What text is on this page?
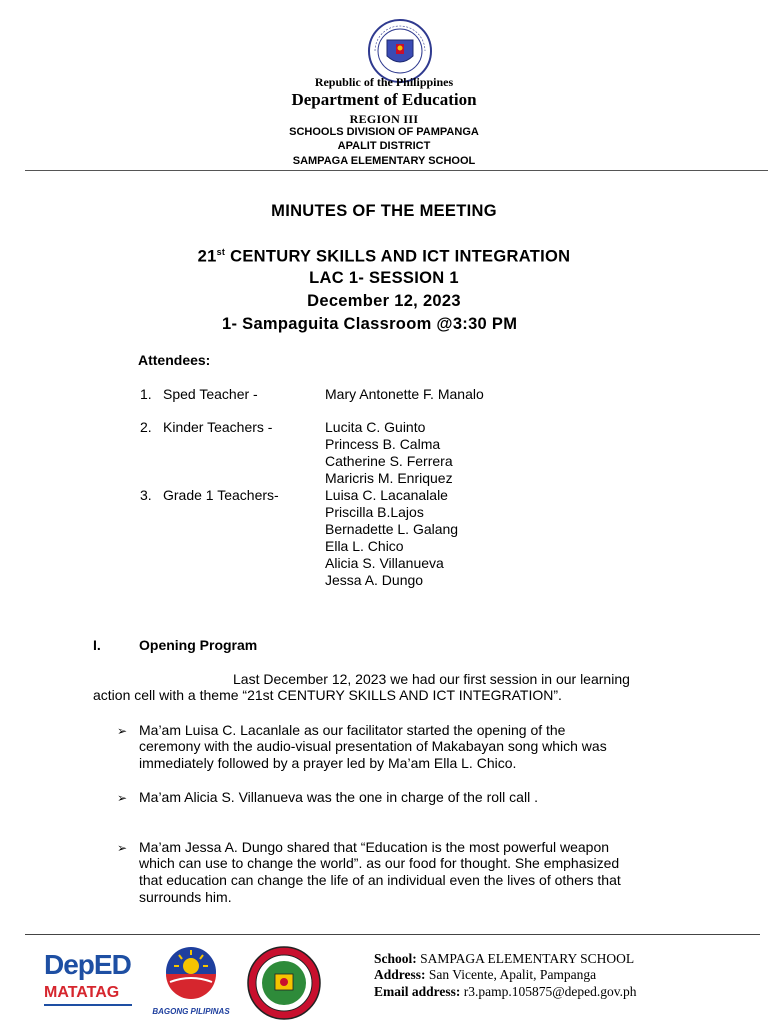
Republic of the Philippines
Department of Education
REGION III
SCHOOLS DIVISION OF PAMPANGA
APALIT DISTRICT
SAMPAGA ELEMENTARY SCHOOL
MINUTES OF THE MEETING
21st CENTURY SKILLS AND ICT INTEGRATION
LAC 1- SESSION 1
December 12, 2023
1- Sampaguita Classroom @3:30 PM
Attendees:
1. Sped Teacher -	Mary Antonette F. Manalo
2. Kinder Teachers -	Lucita C. Guinto
Princess B. Calma
Catherine S. Ferrera
Maricris M. Enriquez
3. Grade 1 Teachers-	Luisa C. Lacanalale
Priscilla B.Lajos
Bernadette L. Galang
Ella L. Chico
Alicia S. Villanueva
Jessa A. Dungo
I.	Opening Program
Last December 12, 2023 we had our first session in our learning
action cell with a theme “21st CENTURY SKILLS AND ICT INTEGRATION”.
➢ Ma’am Luisa C. Lacanlale as our facilitator started the opening of the
ceremony with the audio-visual presentation of Makabayan song which was
immediately followed by a prayer led by Ma’am Ella L. Chico.
➢ Ma’am Alicia S. Villanueva was the one in charge of the roll call .
➢ Ma’am Jessa A. Dungo shared that “Education is the most powerful weapon
which can use to change the world”. as our food for thought. She emphasized
that education can change the life of an individual even the lives of others that
surrounds him.
DepED
MATATAG
BAGONG PILIPINAS
School: SAMPAGA ELEMENTARY SCHOOL
Address: San Vicente, Apalit, Pampanga
Email address: r3.pamp.105875@deped.gov.ph
